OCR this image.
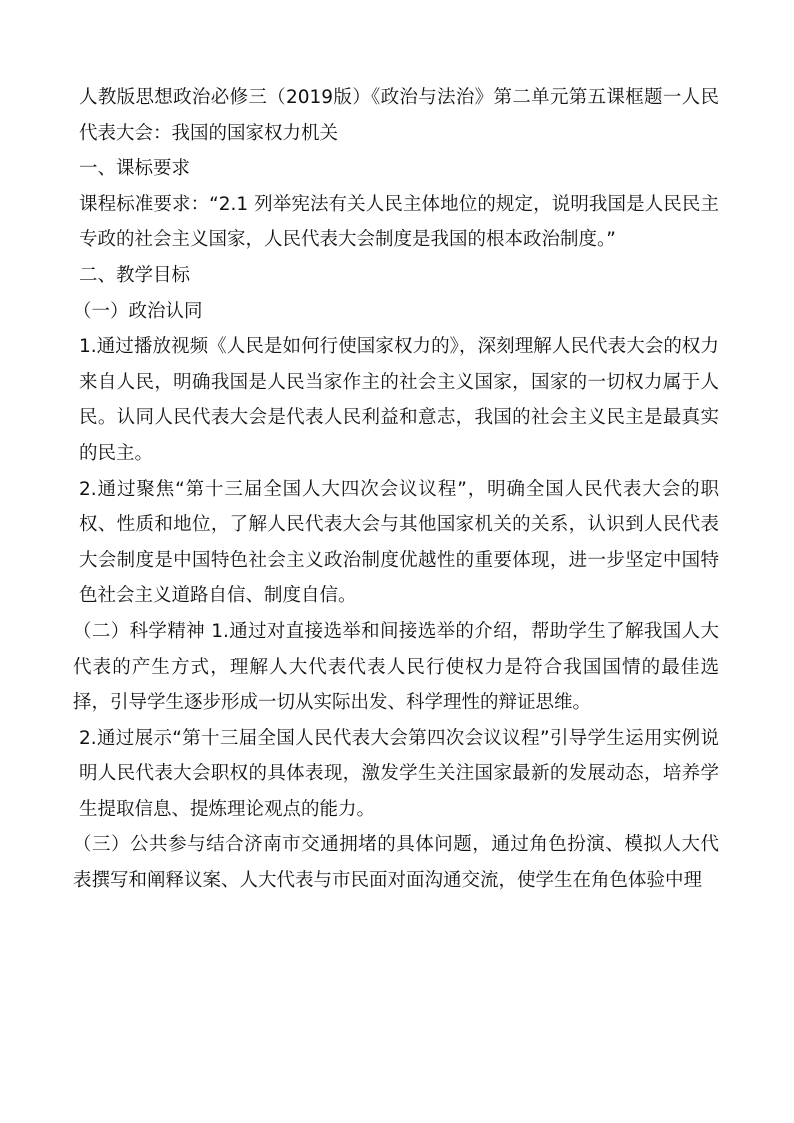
人教版思想政治必修三（2019版）《政治与法治》第二单元第五课框题一人民代表大会：我国的国家权力机关

一、课标要求

课程标准要求：“2.1 列举宪法有关人民主体地位的规定，说明我国是人民民主专政的社会主义国家，人民代表大会制度是我国的根本政治制度。”

二、教学目标

（一）政治认同

1.通过播放视频《人民是如何行使国家权力的》，深刻理解人民代表大会的权力来自人民，明确我国是人民当家作主的社会主义国家，国家的一切权力属于人民。认同人民代表大会是代表人民利益和意志，我国的社会主义民主是最真实的民主。

2.通过聚焦“第十三届全国人大四次会议议程”，明确全国人民代表大会的职权、性质和地位，了解人民代表大会与其他国家机关的关系，认识到人民代表大会制度是中国特色社会主义政治制度优越性的重要体现，进一步坚定中国特色社会主义道路自信、制度自信。

（二）科学精神 1.通过对直接选举和间接选举的介绍，帮助学生了解我国人大代表的产生方式，理解人大代表代表人民行使权力是符合我国国情的最佳选择，引导学生逐步形成一切从实际出发、科学理性的辩证思维。

2.通过展示“第十三届全国人民代表大会第四次会议议程”引导学生运用实例说明人民代表大会职权的具体表现，激发学生关注国家最新的发展动态，培养学生提取信息、提炼理论观点的能力。

（三）公共参与结合济南市交通拥堵的具体问题，通过角色扮演、模拟人大代表撰写和阐释议案、人大代表与市民面对面沟通交流，使学生在角色体验中理
